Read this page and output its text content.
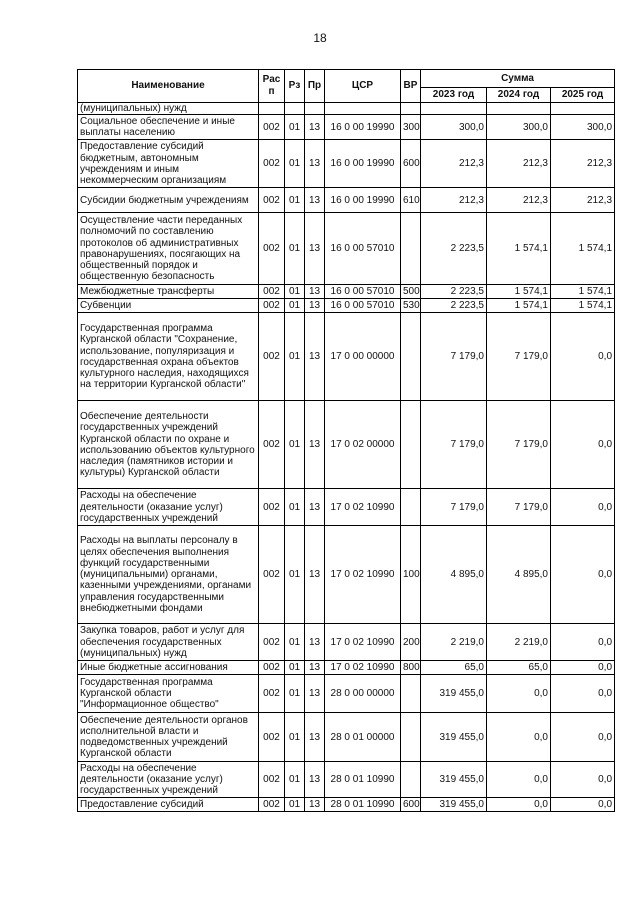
18
Наименование	Рас п	Рз	Пр	ЦСР	ВР	Сумма		
						2023 год	2024 год	2025 год
(муниципальных) нужд								
Социальное обеспечение и иные выплаты населению	002	01	13	16 0 00 19990	300	300,0	300,0	300,0
Предоставление субсидий бюджетным, автономным учреждениям и иным некоммерческим организациям	002	01	13	16 0 00 19990	600	212,3	212,3	212,3
Субсидии бюджетным учреждениям	002	01	13	16 0 00 19990	610	212,3	212,3	212,3
Осуществление части переданных полномочий по составлению протоколов об административных правонарушениях, посягающих на общественный порядок и общественную безопасность	002	01	13	16 0 00 57010		2 223,5	1 574,1	1 574,1
Межбюджетные трансферты	002	01	13	16 0 00 57010	500	2 223,5	1 574,1	1 574,1
Субвенции	002	01	13	16 0 00 57010	530	2 223,5	1 574,1	1 574,1
Государственная программа Курганской области "Сохранение, использование, популяризация и государственная охрана объектов культурного наследия, находящихся на территории Курганской области"	002	01	13	17 0 00 00000		7 179,0	7 179,0	0,0
Обеспечение деятельности государственных учреждений Курганской области по охране и использованию объектов культурного наследия (памятников истории и культуры) Курганской области	002	01	13	17 0 02 00000		7 179,0	7 179,0	0,0
Расходы на обеспечение деятельности (оказание услуг) государственных учреждений	002	01	13	17 0 02 10990		7 179,0	7 179,0	0,0
Расходы на выплаты персоналу в целях обеспечения выполнения функций государственными (муниципальными) органами, казенными учреждениями, органами управления государственными внебюджетными фондами	002	01	13	17 0 02 10990	100	4 895,0	4 895,0	0,0
Закупка товаров, работ и услуг для обеспечения государственных (муниципальных) нужд	002	01	13	17 0 02 10990	200	2 219,0	2 219,0	0,0
Иные бюджетные ассигнования	002	01	13	17 0 02 10990	800	65,0	65,0	0,0
Государственная программа Курганской области "Информационное общество"	002	01	13	28 0 00 00000		319 455,0	0,0	0,0
Обеспечение деятельности органов исполнительной власти и подведомственных учреждений Курганской области	002	01	13	28 0 01 00000		319 455,0	0,0	0,0
Расходы на обеспечение деятельности (оказание услуг) государственных учреждений	002	01	13	28 0 01 10990		319 455,0	0,0	0,0
Предоставление субсидий	002	01	13	28 0 01 10990	600	319 455,0	0,0	0,0
